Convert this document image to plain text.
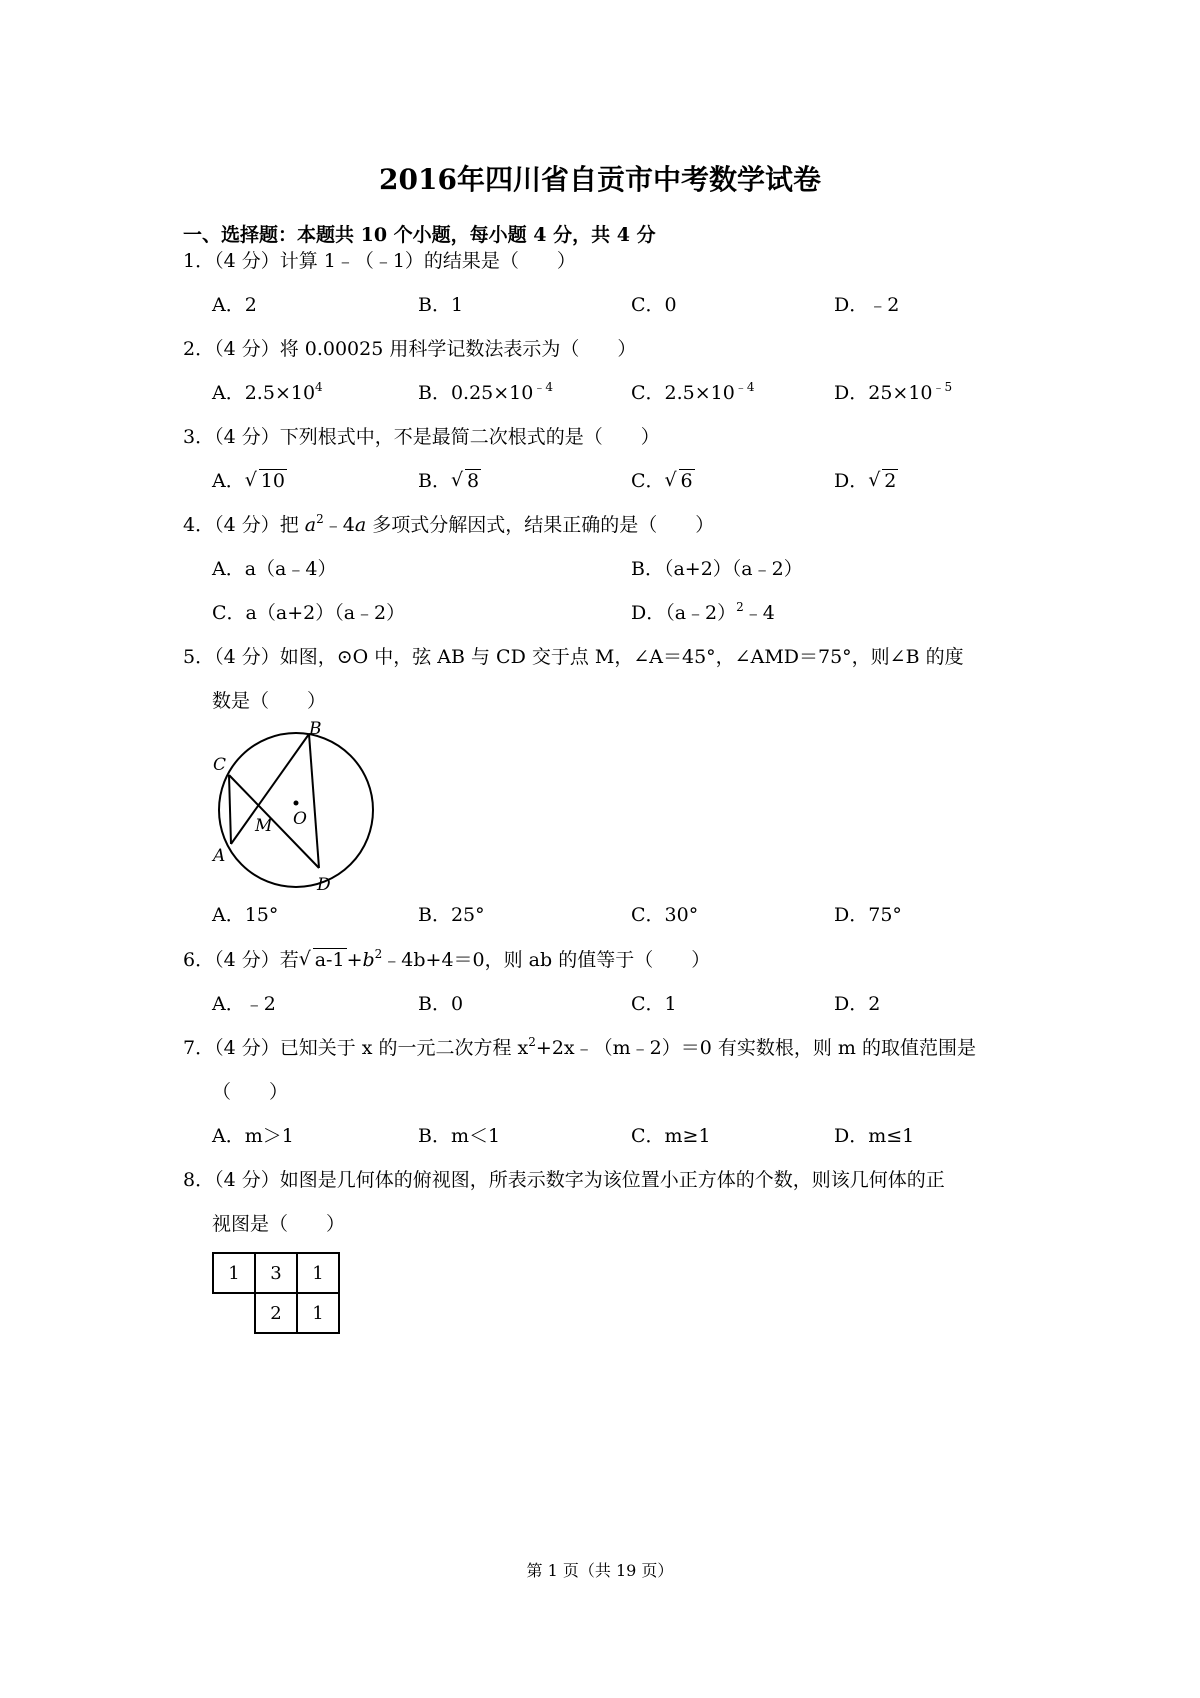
2016年四川省自贡市中考数学试卷
一、选择题：本题共 10 个小题，每小题 4 分，共 4 分
1．（4 分）计算 1﹣（﹣1）的结果是（　　）
A．2	B．1	C．0	D．﹣2
2．（4 分）将 0.00025 用科学记数法表示为（　　）
A．$2.5\times 10^4$	B．$0.25\times 10^{﹣4}$	C．$2.5\times 10^{﹣4}$	D．$25\times 10^{﹣5}$
3．（4 分）下列根式中，不是最简二次根式的是（　　）
A． √ 10	B． √ 8	C． √ 6	D． √ 2
4．（4 分）把 $a^2﹣4a$ 多项式分解因式，结果正确的是（　　）
A．a（a﹣4）	B．（a+2）（a﹣2）
C．a（a+2）（a﹣2）	D．（a﹣2）$^2$﹣4
5．（4 分）如图，⊙O 中，弦 AB 与 CD 交于点 M，∠A＝45°，∠AMD＝75°，则∠B 的度
数是（　　）
B
C
O
M
A
D
A．15°	B．25°	C．30°	D．75°
6．（4 分）若 √ $a-1 +b^2﹣4b+4=0$，则 ab 的值等于（　　）
A．﹣2	B．0	C．1	D．2
7．（4 分）已知关于 x 的一元二次方程 $x^2+2x﹣(m﹣2)=0$ 有实数根，则 m 的取值范围是
（　　）
A．m＞1	B．m＜1	C．m≥1	D．m≤1
8．（4 分）如图是几何体的俯视图，所表示数字为该位置小正方体的个数，则该几何体的正
视图是（　　）
1	3	1
	2	1
第 1 页（共 19 页）
